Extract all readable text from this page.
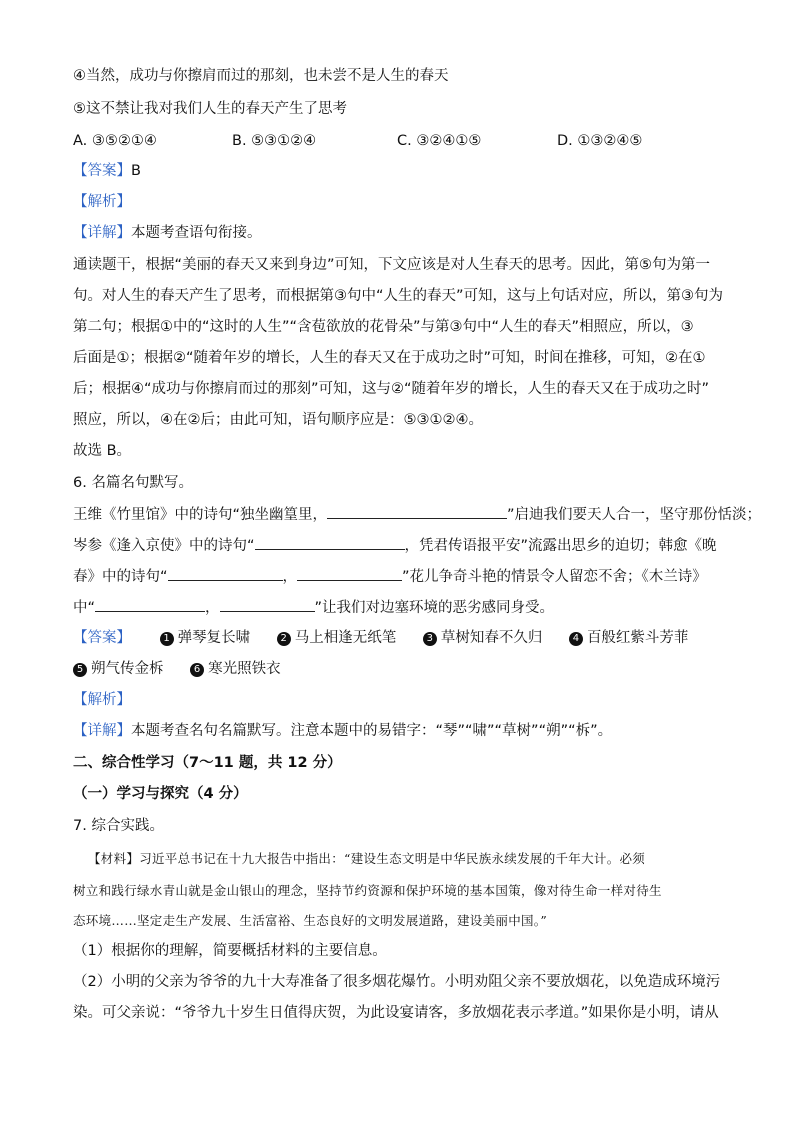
④当然，成功与你擦肩而过的那刻，也未尝不是人生的春天
⑤这不禁让我对我们人生的春天产生了思考
A. ③⑤②①④	B. ⑤③①②④	C. ③②④①⑤	D. ①③②④⑤
【答案】B
【解析】
【详解】本题考查语句衔接。
通读题干，根据“美丽的春天又来到身边”可知，下文应该是对人生春天的思考。因此，第⑤句为第一
句。对人生的春天产生了思考，而根据第③句中“人生的春天”可知，这与上句话对应，所以，第③句为
第二句；根据①中的“这时的人生”“含苞欲放的花骨朵”与第③句中“人生的春天”相照应，所以，③
后面是①；根据②“随着年岁的增长，人生的春天又在于成功之时”可知，时间在推移，可知，②在①
后；根据④“成功与你擦肩而过的那刻”可知，这与②“随着年岁的增长，人生的春天又在于成功之时”
照应，所以，④在②后；由此可知，语句顺序应是：⑤③①②④。
故选 B。
6. 名篇名句默写。
王维《竹里馆》中的诗句“独坐幽篁里，	”启迪我们要天人合一，坚守那份恬淡；
岑参《逢入京使》中的诗句“	，凭君传语报平安”流露出思乡的迫切；韩愈《晚
春》中的诗句“	，	”花儿争奇斗艳的情景令人留恋不舍；《木兰诗》
中“	，	”让我们对边塞环境的恶劣感同身受。
【答案】	1 弹琴复长啸	2 马上相逢无纸笔	3 草树知春不久归	4 百般红紫斗芳菲
5 朔气传金柝	6 寒光照铁衣
【解析】
【详解】本题考查名句名篇默写。注意本题中的易错字：“琴”“啸”“草树”“朔”“柝”。
二、综合性学习（7～11 题，共 12 分）
（一）学习与探究（4 分）
7. 综合实践。
【材料】习近平总书记在十九大报告中指出：“建设生态文明是中华民族永续发展的千年大计。必须
树立和践行绿水青山就是金山银山的理念，坚持节约资源和保护环境的基本国策，像对待生命一样对待生
态环境……坚定走生产发展、生活富裕、生态良好的文明发展道路，建设美丽中国。”
（1）根据你的理解，简要概括材料的主要信息。
（2）小明的父亲为爷爷的九十大寿准备了很多烟花爆竹。小明劝阻父亲不要放烟花，以免造成环境污
染。可父亲说：“爷爷九十岁生日值得庆贺，为此设宴请客，多放烟花表示孝道。”如果你是小明，请从
